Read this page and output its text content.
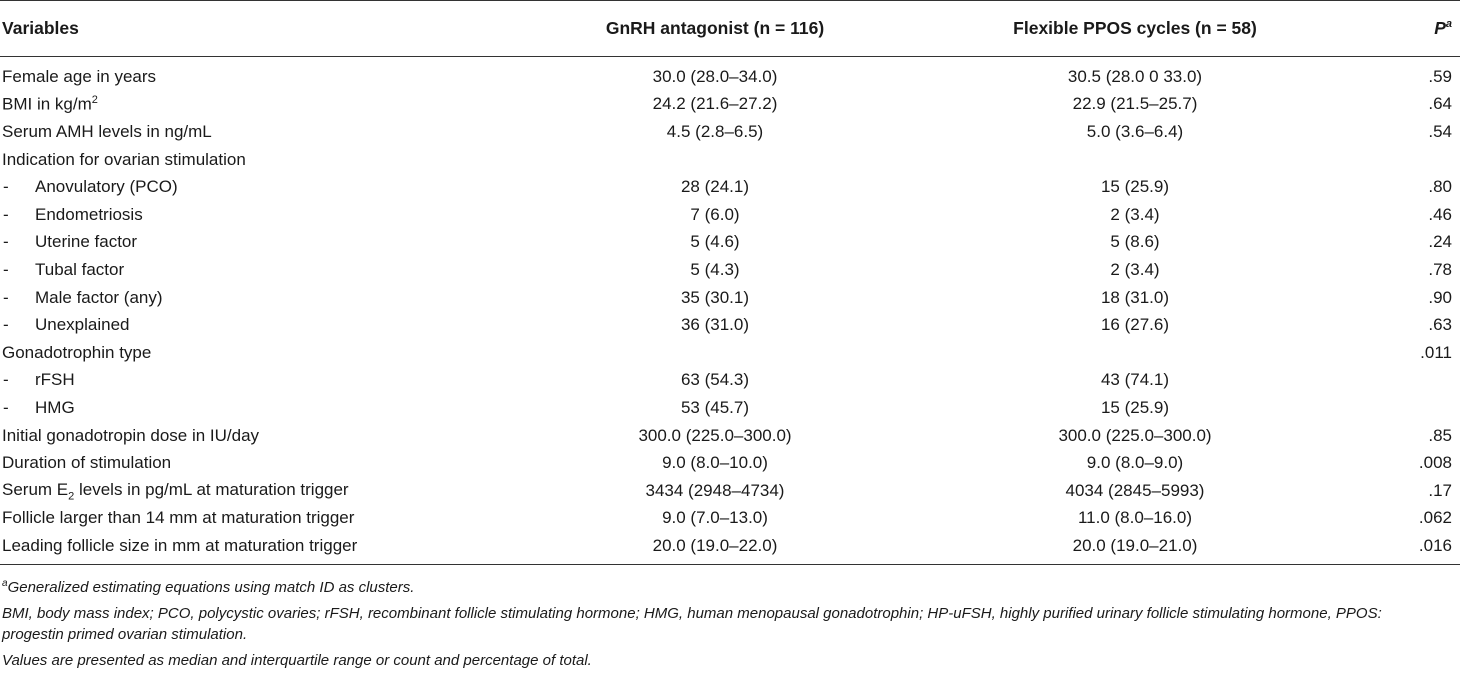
Variables	GnRH antagonist (n = 116)	Flexible PPOS cycles (n = 58)	$P^a$
Female age in years	30.0 (28.0–34.0)	30.5 (28.0 0 33.0)	.59
BMI in $kg/m^2$	24.2 (21.6–27.2)	22.9 (21.5–25.7)	.64
Serum AMH levels in ng/mL	4.5 (2.8–6.5)	5.0 (3.6–6.4)	.54
Indication for ovarian stimulation			
- Anovulatory (PCO)	28 (24.1)	15 (25.9)	.80
- Endometriosis	7 (6.0)	2 (3.4)	.46
- Uterine factor	5 (4.6)	5 (8.6)	.24
- Tubal factor	5 (4.3)	2 (3.4)	.78
- Male factor (any)	35 (30.1)	18 (31.0)	.90
- Unexplained	36 (31.0)	16 (27.6)	.63
Gonadotrophin type			.011
- rFSH	63 (54.3)	43 (74.1)	
- HMG	53 (45.7)	15 (25.9)	
Initial gonadotropin dose in IU/day	300.0 (225.0–300.0)	300.0 (225.0–300.0)	.85
Duration of stimulation	9.0 (8.0–10.0)	9.0 (8.0–9.0)	.008
Serum $E_2$ levels in pg/mL at maturation trigger	3434 (2948–4734)	4034 (2845–5993)	.17
Follicle larger than 14 mm at maturation trigger	9.0 (7.0–13.0)	11.0 (8.0–16.0)	.062
Leading follicle size in mm at maturation trigger	20.0 (19.0–22.0)	20.0 (19.0–21.0)	.016

$^a$Generalized estimating equations using match ID as clusters.

BMI, body mass index; PCO, polycystic ovaries; rFSH, recombinant follicle stimulating hormone; HMG, human menopausal gonadotrophin; HP-uFSH, highly purified urinary follicle stimulating hormone, PPOS: progestin primed ovarian stimulation.

Values are presented as median and interquartile range or count and percentage of total.
